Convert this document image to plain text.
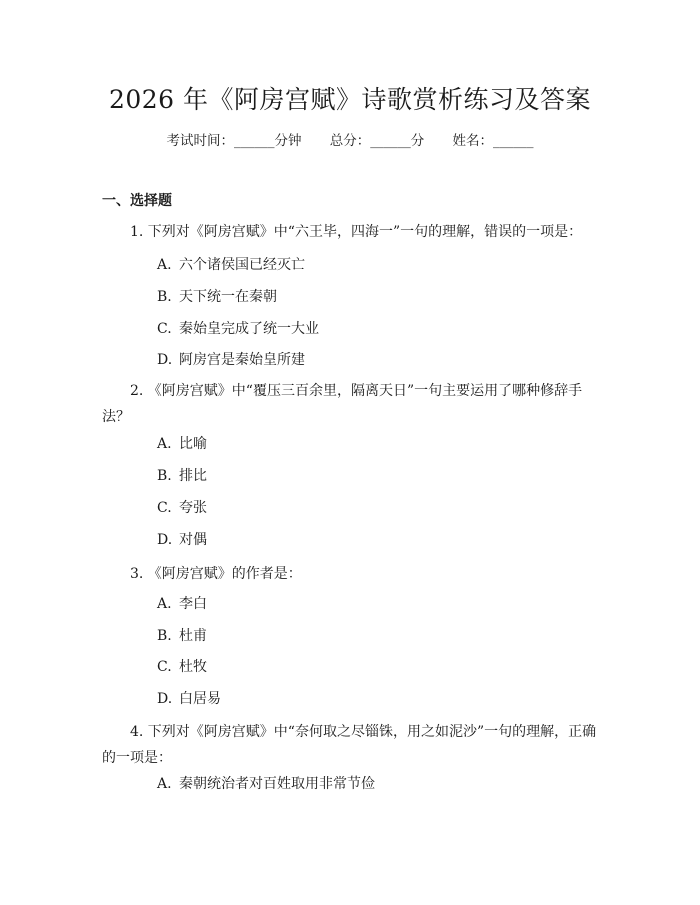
2026 年《阿房宫赋》诗歌赏析练习及答案
考试时间：______分钟 总分：______分 姓名：______
一、选择题

1. 下列对《阿房宫赋》中“六王毕，四海一”一句的理解，错误的一项是：

A. 六个诸侯国已经灭亡

B. 天下统一在秦朝

C. 秦始皇完成了统一大业

D. 阿房宫是秦始皇所建

2. 《阿房宫赋》中“覆压三百余里，隔离天日”一句主要运用了哪种修辞手法？

A. 比喻

B. 排比

C. 夸张

D. 对偶

3. 《阿房宫赋》的作者是：

A. 李白

B. 杜甫

C. 杜牧

D. 白居易

4. 下列对《阿房宫赋》中“奈何取之尽锱铢，用之如泥沙”一句的理解，正确的一项是：

A. 秦朝统治者对百姓取用非常节俭
